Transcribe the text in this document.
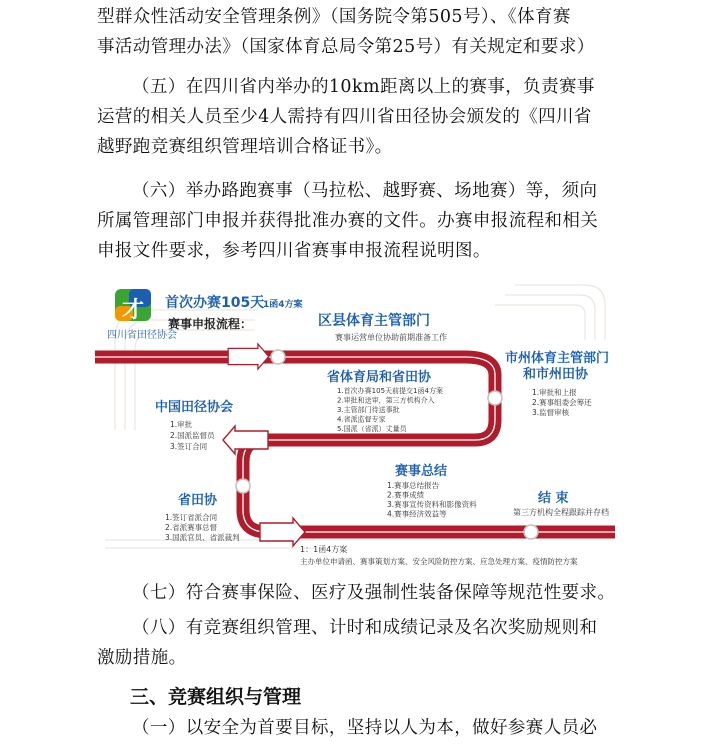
型群众性活动安全管理条例》（国务院令第505号）、《体育赛
事活动管理办法》（国家体育总局令第25号）有关规定和要求）
（五）在四川省内举办的10km距离以上的赛事，负责赛事
运营的相关人员至少4人需持有四川省田径协会颁发的《四川省
越野跑竞赛组织管理培训合格证书》。
（六）举办路跑赛事（马拉松、越野赛、场地赛）等，须向
所属管理部门申报并获得批准办赛的文件。办赛申报流程和相关
申报文件要求，参考四川省赛事申报流程说明图。
才
四川省田径协会
首次办赛105天
1函4方案
赛事申报流程：	区县体育主管部门
赛事运营单位协助前期准备工作
市州体育主管部门
和市州田协
1.审批和上报
2.赛事组委会筹还
3.监督审核
省体育局和省田协
1.首次办赛105天前提交1函4方案
2.审批和送审，第三方机构介入
3.主管部门待送事批
4.省派监督专家
5.国派（省派）丈量员
中国田径协会
1.审批
2.国派监督员
3.签订合同
赛事总结
1.赛事总结报告
2.赛事成绩
3.赛事宣传资料和影像资料
4.赛事经济效益等
省田协
1.签订省派合同
2.省派赛事总督
3.国派官员、省派裁判
结 束
第三方机构全程跟踪并存档
1：1函4方案
主办单位申请函、赛事策划方案、安全风险防控方案、应急处理方案、疫情防控方案
（七）符合赛事保险、医疗及强制性装备保障等规范性要求。
（八）有竞赛组织管理、计时和成绩记录及名次奖励规则和
激励措施。
三、竞赛组织与管理
（一）以安全为首要目标，坚持以人为本，做好参赛人员必
